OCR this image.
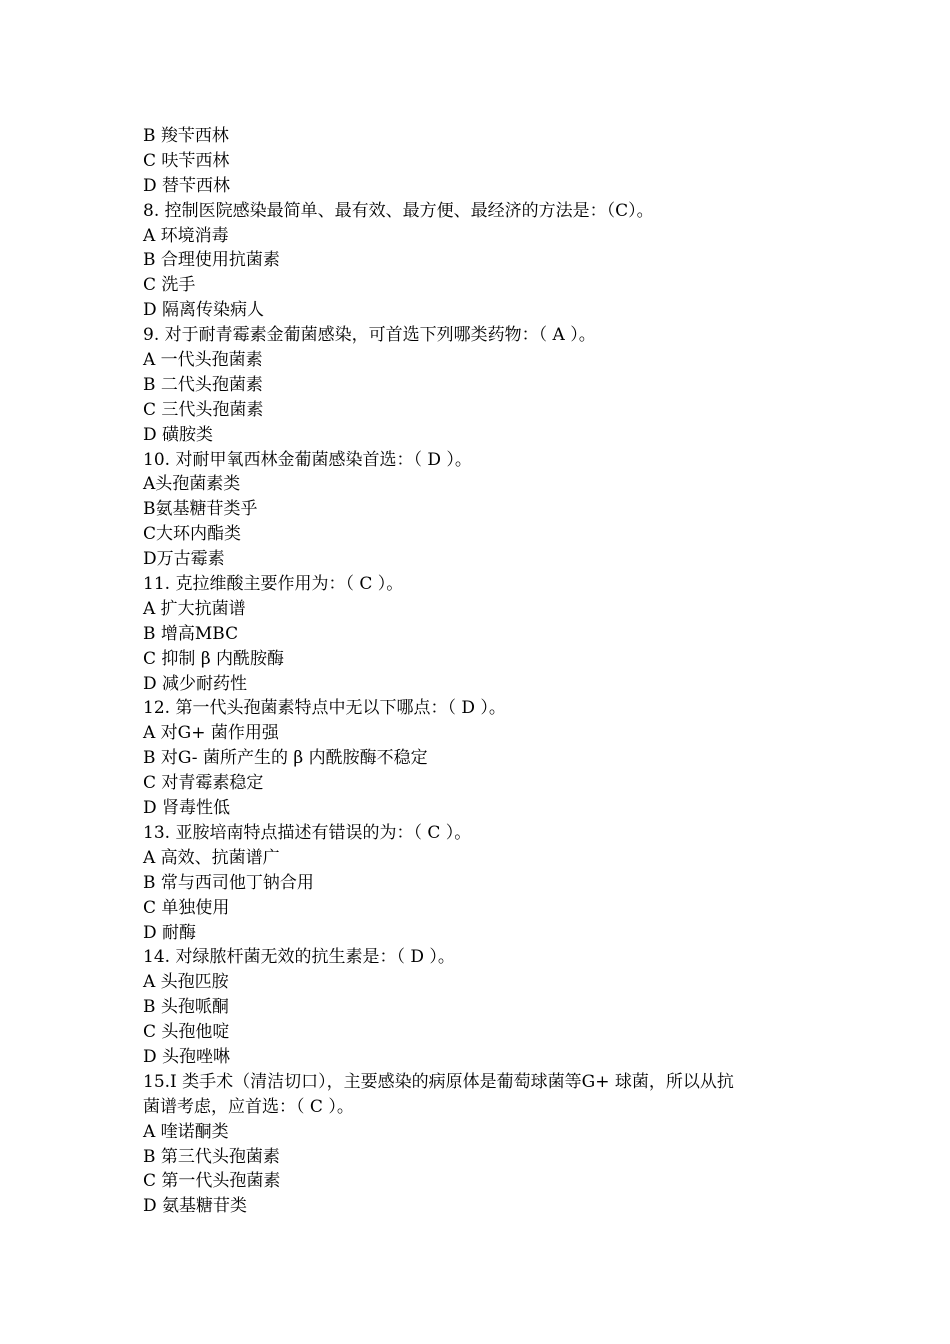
B 羧苄西林
C 呋苄西林
D 替苄西林
8. 控制医院感染最简单、最有效、最方便、最经济的方法是：（C）。
A 环境消毒
B 合理使用抗菌素
C 洗手
D 隔离传染病人
9. 对于耐青霉素金葡菌感染，可首选下列哪类药物：（ A ）。
A 一代头孢菌素
B 二代头孢菌素
C 三代头孢菌素
D 磺胺类
10. 对耐甲氧西林金葡菌感染首选：（ D ）。
A头孢菌素类
B氨基糖苷类乎
C大环内酯类
D万古霉素
11. 克拉维酸主要作用为：（ C ）。
A 扩大抗菌谱
B 增高MBC
C 抑制 β 内酰胺酶
D 减少耐药性
12. 第一代头孢菌素特点中无以下哪点：（ D ）。
A 对G+ 菌作用强
B 对G- 菌所产生的 β 内酰胺酶不稳定
C 对青霉素稳定
D 肾毒性低
13. 亚胺培南特点描述有错误的为：（ C ）。
A 高效、抗菌谱广
B 常与西司他丁钠合用
C 单独使用
D 耐酶
14. 对绿脓杆菌无效的抗生素是：（ D ）。
A 头孢匹胺
B 头孢哌酮
C 头孢他啶
D 头孢唑啉
15.Ⅰ 类手术（清洁切口），主要感染的病原体是葡萄球菌等G+ 球菌，所以从抗
菌谱考虑，应首选：（ C ）。
A 喹诺酮类
B 第三代头孢菌素
C 第一代头孢菌素
D 氨基糖苷类
